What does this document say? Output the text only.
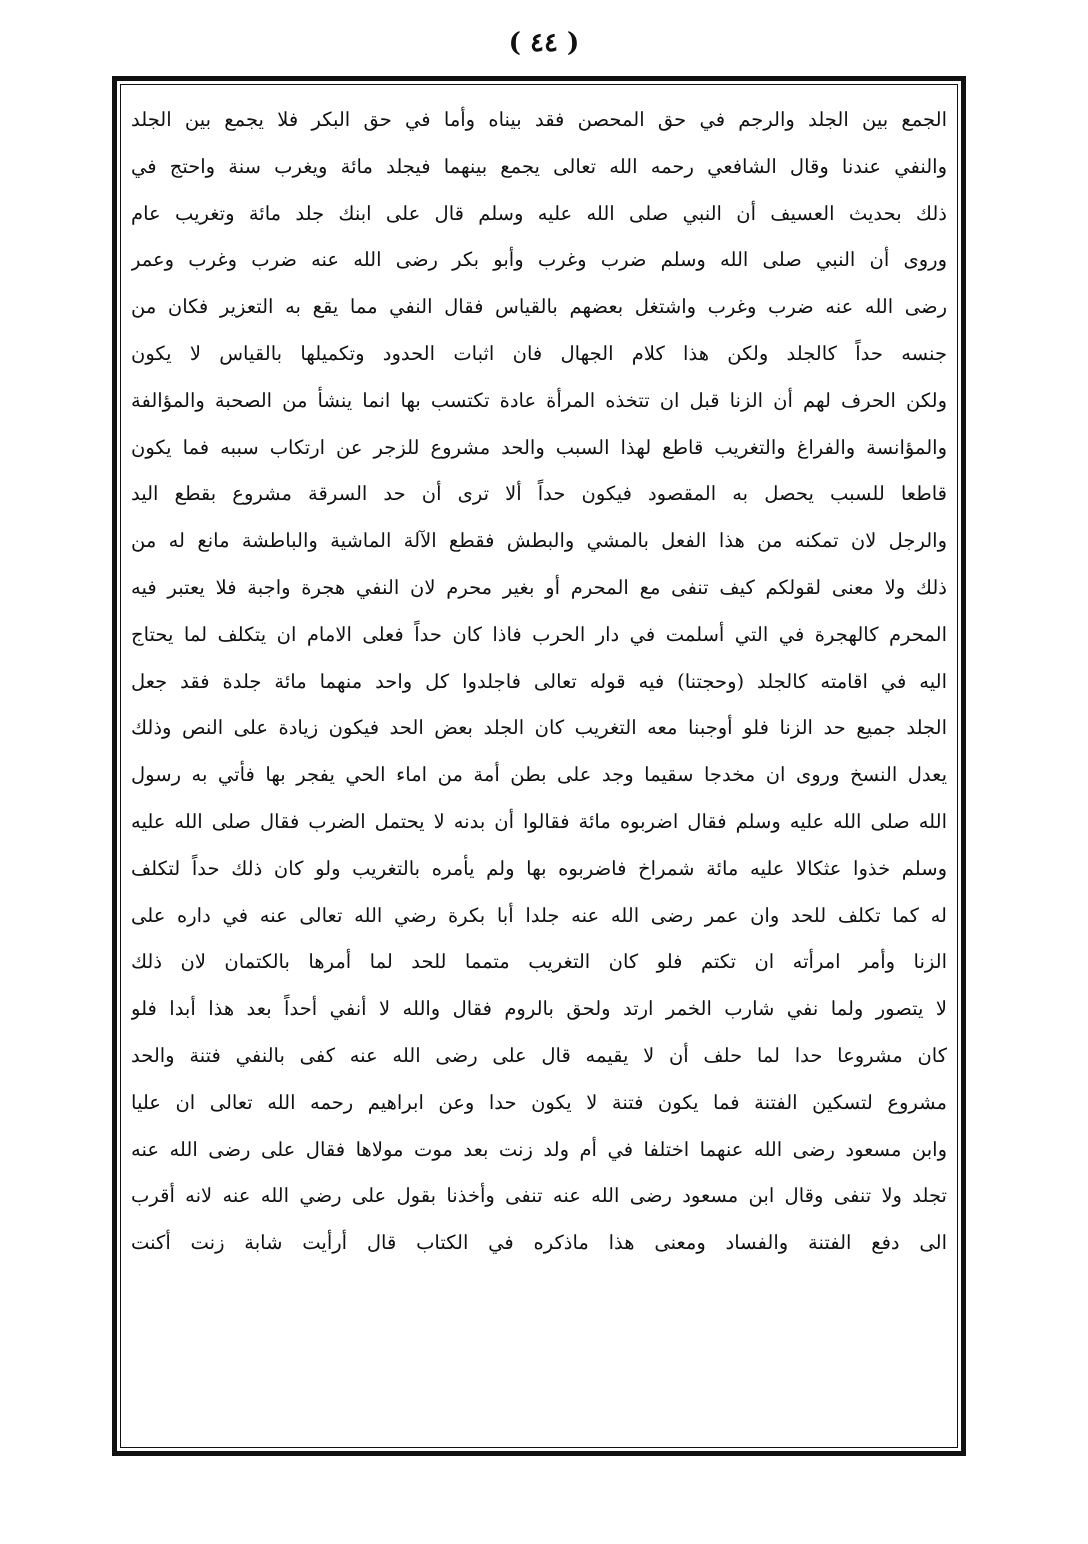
( ٤٤ )
الجمع بين الجلد والرجم في حق المحصن فقد بيناه وأما في حق البكر فلا يجمع بين الجلد
والنفي عندنا وقال الشافعي رحمه الله تعالى يجمع بينهما فيجلد مائة ويغرب سنة واحتج في
ذلك بحديث العسيف أن النبي صلى الله عليه وسلم قال على ابنك جلد مائة وتغريب عام
وروى أن النبي صلى الله وسلم ضرب وغرب وأبو بكر رضى الله عنه ضرب وغرب وعمر
رضى الله عنه ضرب وغرب واشتغل بعضهم بالقياس فقال النفي مما يقع به التعزير فكان من
جنسه حداً كالجلد ولكن هذا كلام الجهال فان اثبات الحدود وتكميلها بالقياس لا يكون
ولكن الحرف لهم أن الزنا قبل ان تتخذه المرأة عادة تكتسب بها انما ينشأ من الصحبة والمؤالفة
والمؤانسة والفراغ والتغريب قاطع لهذا السبب والحد مشروع للزجر عن ارتكاب سببه فما يكون
قاطعا للسبب يحصل به المقصود فيكون حداً ألا ترى أن حد السرقة مشروع بقطع اليد
والرجل لان تمكنه من هذا الفعل بالمشي والبطش فقطع الآلة الماشية والباطشة مانع له من
ذلك ولا معنى لقولكم كيف تنفى مع المحرم أو بغير محرم لان النفي هجرة واجبة فلا يعتبر فيه
المحرم كالهجرة في التي أسلمت في دار الحرب فاذا كان حداً فعلى الامام ان يتكلف لما يحتاج
اليه في اقامته كالجلد (وحجتنا) فيه قوله تعالى فاجلدوا كل واحد منهما مائة جلدة فقد جعل
الجلد جميع حد الزنا فلو أوجبنا معه التغريب كان الجلد بعض الحد فيكون زيادة على النص وذلك
يعدل النسخ وروى ان مخدجا سقيما وجد على بطن أمة من اماء الحي يفجر بها فأتي به رسول
الله صلى الله عليه وسلم فقال اضربوه مائة فقالوا أن بدنه لا يحتمل الضرب فقال صلى الله عليه
وسلم خذوا عثكالا عليه مائة شمراخ فاضربوه بها ولم يأمره بالتغريب ولو كان ذلك حداً لتكلف
له كما تكلف للحد وان عمر رضى الله عنه جلدا أبا بكرة رضي الله تعالى عنه في داره على
الزنا وأمر امرأته ان تكتم فلو كان التغريب متمما للحد لما أمرها بالكتمان لان ذلك
لا يتصور ولما نفي شارب الخمر ارتد ولحق بالروم فقال والله لا أنفي أحداً بعد هذا أبدا فلو
كان مشروعا حدا لما حلف أن لا يقيمه قال على رضى الله عنه كفى بالنفي فتنة والحد
مشروع لتسكين الفتنة فما يكون فتنة لا يكون حدا وعن ابراهيم رحمه الله تعالى ان عليا
وابن مسعود رضى الله عنهما اختلفا في أم ولد زنت بعد موت مولاها فقال على رضى الله عنه
تجلد ولا تنفى وقال ابن مسعود رضى الله عنه تنفى وأخذنا بقول على رضي الله عنه لانه أقرب
الى دفع الفتنة والفساد ومعنى هذا ماذكره في الكتاب قال أرأيت شابة زنت أكنت
